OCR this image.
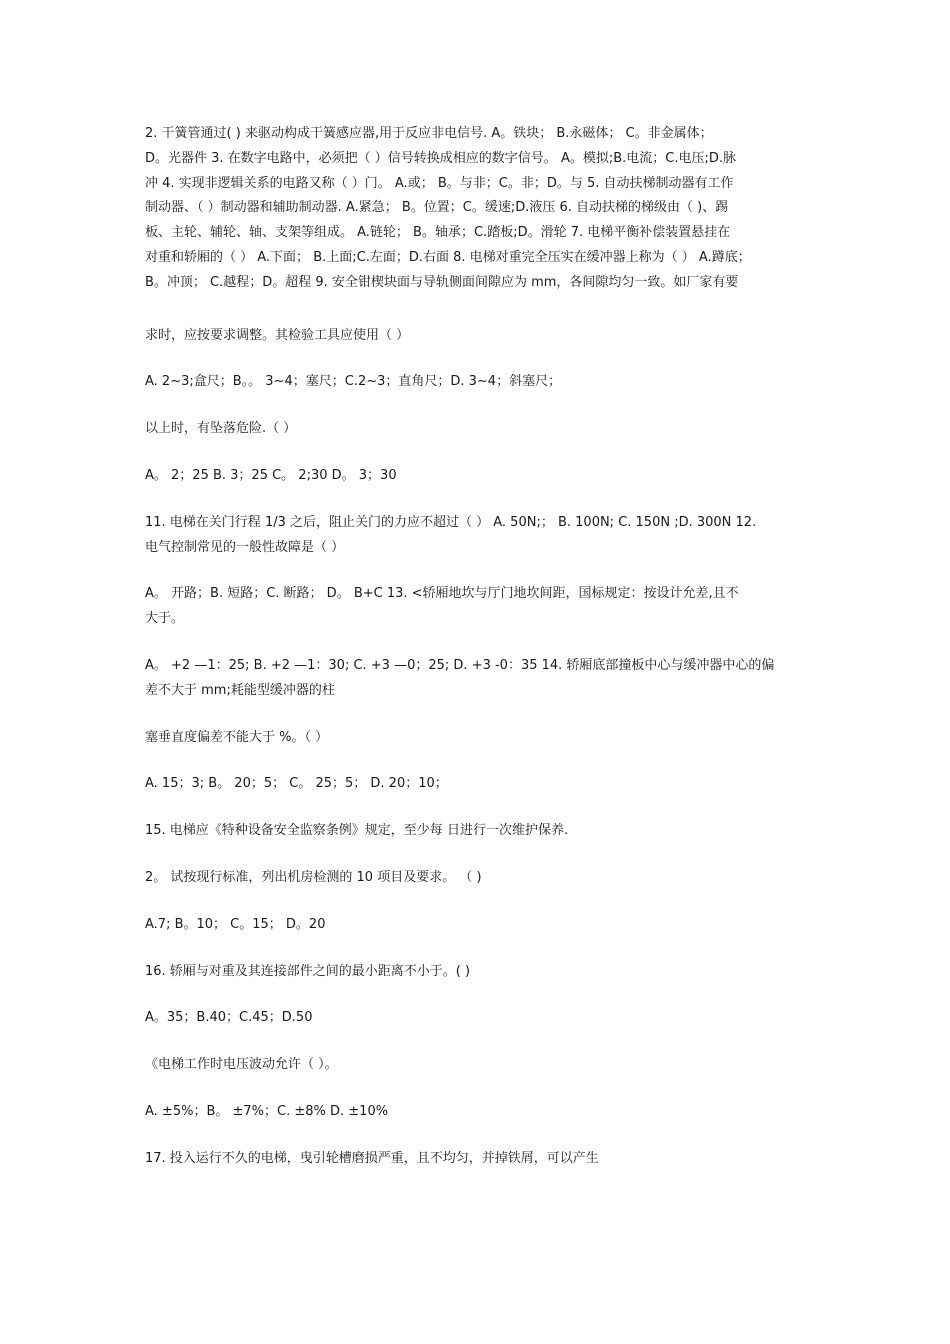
2. 干簧管通过( ) 来驱动构成干簧感应器,用于反应非电信号. A。铁块； B.永磁体； C。非金属体；
D。光器件 3. 在数字电路中，必须把（ ）信号转换成相应的数字信号。 A。模拟;B.电流；C.电压;D.脉
冲 4. 实现非逻辑关系的电路又称（ ）门。 A.或； B。与非；C。非；D。与 5. 自动扶梯制动器有工作
制动器、（ ）制动器和辅助制动器. A.紧急； B。位置；C。缓速;D.液压 6. 自动扶梯的梯级由（ )、踢
板、主轮、辅轮、轴、支架等组成。 A.链轮； B。轴承；C.踏板;D。滑轮 7. 电梯平衡补偿装置悬挂在
对重和轿厢的（ ） A.下面； B.上面;C.左面；D.右面 8. 电梯对重完全压实在缓冲器上称为（ ） A.蹲底；
B。冲顶； C.越程；D。超程 9. 安全钳楔块面与导轨侧面间隙应为 mm，各间隙均匀一致。如厂家有要
求时，应按要求调整。其检验工具应使用（ ）
A. 2~3;盒尺；B。。 3~4；塞尺；C.2~3；直角尺；D. 3~4；斜塞尺；
以上时，有坠落危险.（ ）
A。 2；25 B. 3；25 C。 2;30 D。 3；30
11. 电梯在关门行程 1/3 之后，阻止关门的力应不超过（ ） A. 50N;； B. 100N; C. 150N ;D. 300N 12.
电气控制常见的一般性故障是（ ）
A。 开路；B. 短路；C. 断路； D。 B+C 13. <轿厢地坎与厅门地坎间距，国标规定：按设计允差,且不
大于。
A。 +2 —1：25; B. +2 —1：30; C. +3 —0；25; D. +3 -0：35 14. 轿厢底部撞板中心与缓冲器中心的偏
差不大于 mm;耗能型缓冲器的柱
塞垂直度偏差不能大于 %。（ ）
A. 15；3; B。 20；5； C。 25；5； D. 20；10；
15. 电梯应《特种设备安全监察条例》规定，至少每 日进行一次维护保养.
2。 试按现行标准，列出机房检测的 10 项目及要求。 （ )
A.7; B。10； C。15； D。20
16. 轿厢与对重及其连接部件之间的最小距离不小于。( )
A。35；B.40；C.45；D.50
《电梯工作时电压波动允许（ ）。
A. ±5%；B。 ±7%；C. ±8% D. ±10%
17. 投入运行不久的电梯，曳引轮槽磨损严重，且不均匀，并掉铁屑，可以产生
